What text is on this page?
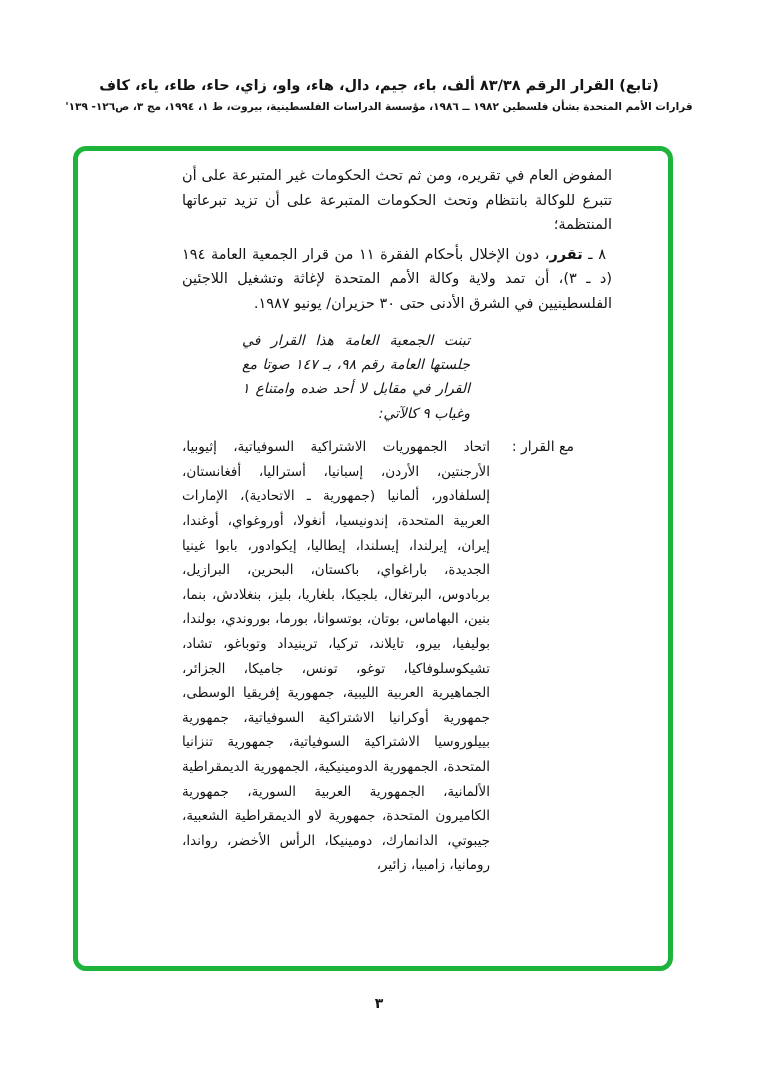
(تابع) القرار الرقم ٨٣/٣٨ ألف، باء، جيم، دال، هاء، واو، زاي، حاء، طاء، ياء، كاف
قرارات الأمم المتحدة بشأن فلسطين ١٩٨٢ ــ ١٩٨٦، مؤسسة الدراسات الفلسطينية، بيروت، ط ١، ١٩٩٤، مج ٣، ص١٢٦- ١٣٩'

المفوض العام في تقريره، ومن ثم تحث الحكومات غير المتبرعة على أن تتبرع للوكالة بانتظام وتحث الحكومات المتبرعة على أن تزيد تبرعاتها المنتظمة؛

٨ ـ تقرر، دون الإخلال بأحكام الفقرة ١١ من قرار الجمعية العامة ١٩٤ (د ـ ٣)، أن تمد ولاية وكالة الأمم المتحدة لإغاثة وتشغيل اللاجئين الفلسطينيين في الشرق الأدنى حتى ٣٠ حزيران/ يونيو ١٩٨٧.

تبنت الجمعية العامة هذا القرار في جلستها العامة رقم ٩٨، بـ ١٤٧ صوتا مع القرار في مقابل لا أحد ضده وامتناع ١ وغياب ٩ كالآتي:

مع القرار :
اتحاد الجمهوريات الاشتراكية السوفياتية، إثيوبيا، الأرجنتين، الأردن، إسبانيا، أستراليا، أفغانستان، إلسلفادور، ألمانيا (جمهورية ـ الاتحادية)، الإمارات العربية المتحدة، إندونيسيا، أنغولا، أوروغواي، أوغندا، إيران، إيرلندا، إيسلندا، إيطاليا، إيكوادور، بابوا غينيا الجديدة، باراغواي، باكستان، البحرين، البرازيل، بربادوس، البرتغال، بلجيكا، بلغاريا، بليز، بنغلادش، بنما، بنين، البهاماس، بوتان، بوتسوانا، بورما، بوروندي، بولندا، بوليفيا، بيرو، تايلاند، تركيا، ترينيداد وتوباغو، تشاد، تشيكوسلوفاكيا، توغو، تونس، جاميكا، الجزائر، الجماهيرية العربية الليبية، جمهورية إفريقيا الوسطى، جمهورية أوكرانيا الاشتراكية السوفياتية، جمهورية بييلوروسيا الاشتراكية السوفياتية، جمهورية تنزانيا المتحدة، الجمهورية الدومينيكية، الجمهورية الديمقراطية الألمانية، الجمهورية العربية السورية، جمهورية الكاميرون المتحدة، جمهورية لاو الديمقراطية الشعبية، جيبوتي، الدانمارك، دومينيكا، الرأس الأخضر، رواندا، رومانيا، زامبيا، زائير،
٣
